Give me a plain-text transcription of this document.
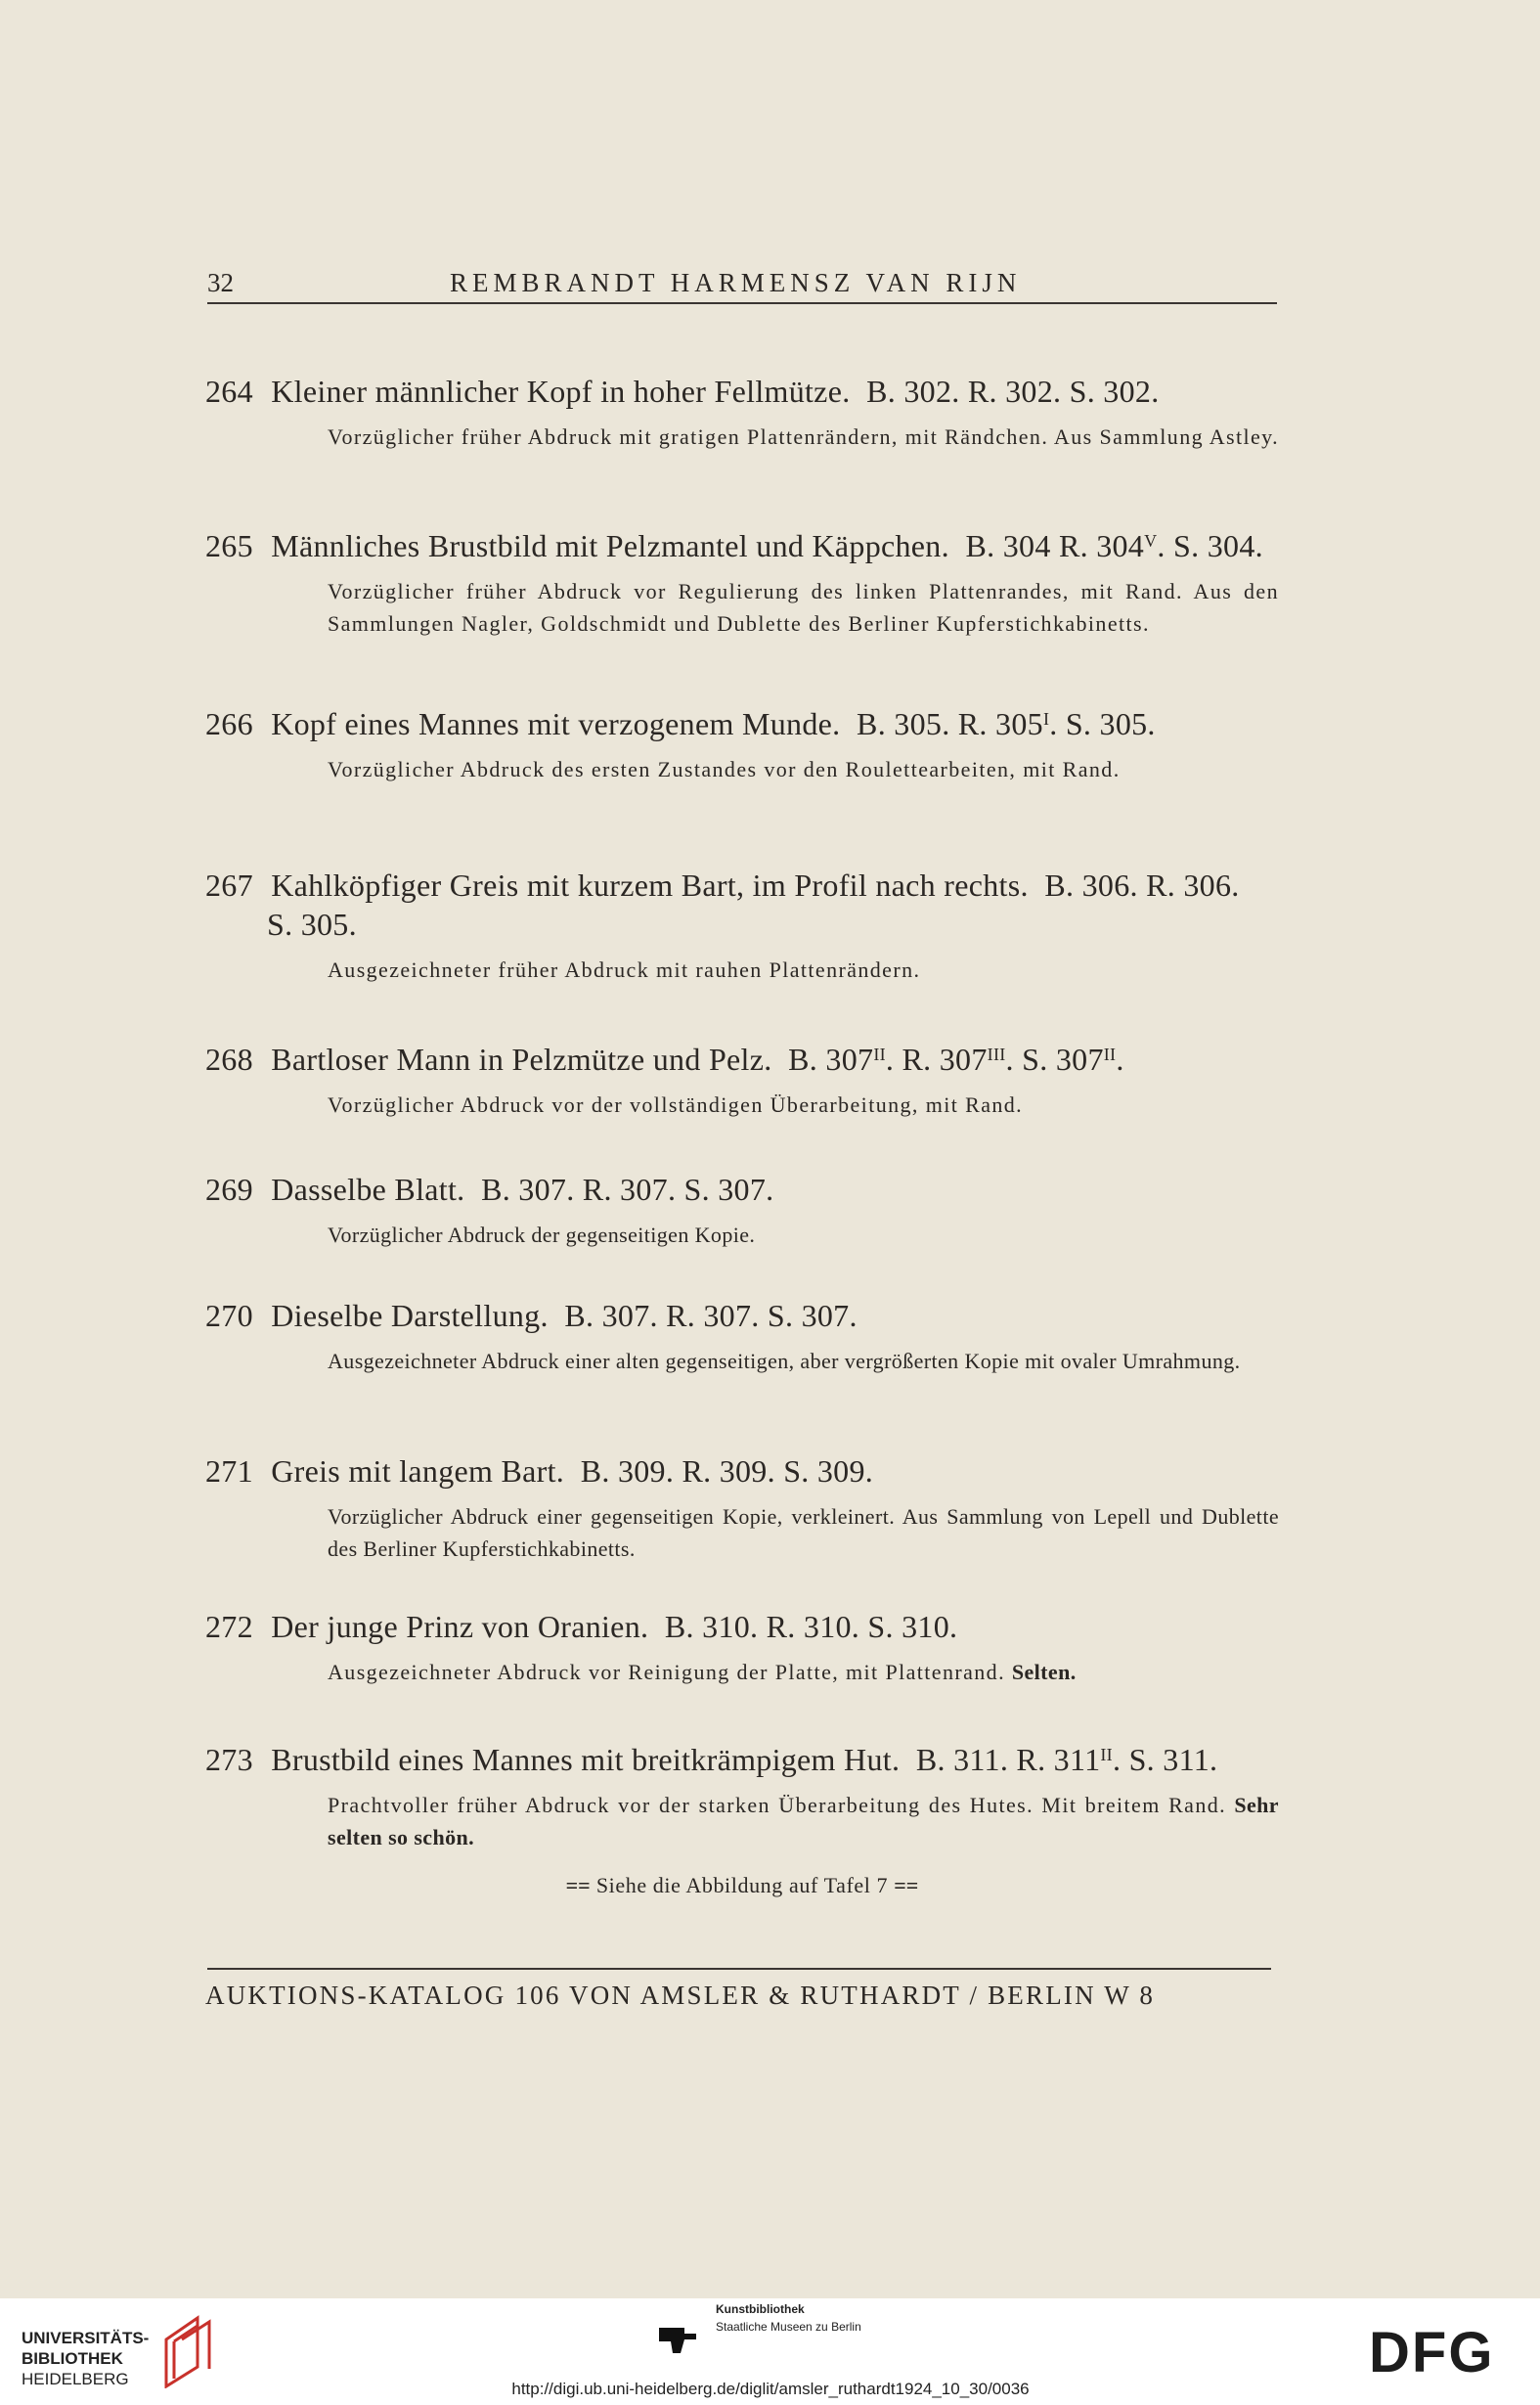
32	REMBRANDT HARMENSZ VAN RIJN
264 Kleiner männlicher Kopf in hoher Fellmütze. B. 302. R. 302. S. 302.
Vorzüglicher früher Abdruck mit gratigen Plattenrändern, mit Rändchen. Aus Sammlung Astley.
265 Männliches Brustbild mit Pelzmantel und Käppchen. B. 304 R. $304^V$. S. 304.
Vorzüglicher früher Abdruck vor Regulierung des linken Plattenrandes, mit Rand. Aus den Sammlungen Nagler, Goldschmidt und Dublette des Berliner Kupferstichkabinetts.
266 Kopf eines Mannes mit verzogenem Munde. B. 305. R. $305^I$. S. 305.
Vorzüglicher Abdruck des ersten Zustandes vor den Roulettearbeiten, mit Rand.
267 Kahlköpfiger Greis mit kurzem Bart, im Profil nach rechts. B. 306. R. 306.
S. 305.
Ausgezeichneter früher Abdruck mit rauhen Plattenrändern.
268 Bartloser Mann in Pelzmütze und Pelz. B. $307^{II}$. R. $307^{III}$. S. $307^{II}$.
Vorzüglicher Abdruck vor der vollständigen Überarbeitung, mit Rand.
269 Dasselbe Blatt. B. 307. R. 307. S. 307.
Vorzüglicher Abdruck der gegenseitigen Kopie.
270 Dieselbe Darstellung. B. 307. R. 307. S. 307.
Ausgezeichneter Abdruck einer alten gegenseitigen, aber vergrößerten Kopie mit ovaler Umrahmung.
271 Greis mit langem Bart. B. 309. R. 309. S. 309.
Vorzüglicher Abdruck einer gegenseitigen Kopie, verkleinert. Aus Sammlung von Lepell und Dublette des Berliner Kupferstichkabinetts.
272 Der junge Prinz von Oranien. B. 310. R. 310. S. 310.
Ausgezeichneter Abdruck vor Reinigung der Platte, mit Plattenrand. Selten.
273 Brustbild eines Mannes mit breitkrämpigem Hut. B. 311. R. $311^{II}$. S. 311.
Prachtvoller früher Abdruck vor der starken Überarbeitung des Hutes. Mit breitem Rand. Sehr selten so schön.
== Siehe die Abbildung auf Tafel 7 ==
AUKTIONS-KATALOG 106 VON AMSLER & RUTHARDT / BERLIN W 8
UNIVERSITÄTS-
BIBLIOTHEK
HEIDELBERG
Kunstbibliothek
Staatliche Museen zu Berlin	DFG
http://digi.ub.uni-heidelberg.de/diglit/amsler_ruthardt1924_10_30/0036
